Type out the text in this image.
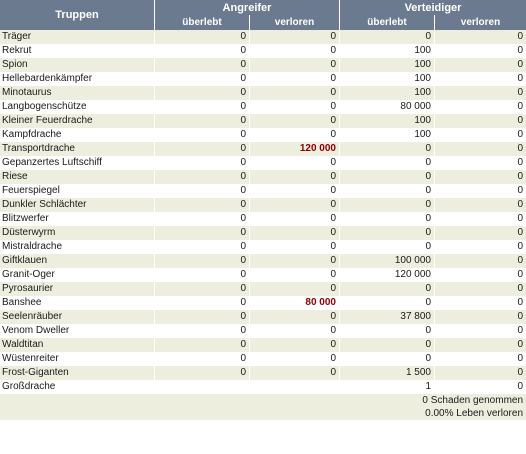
Truppen	Angreifer		Verteidiger	
	überlebt	verloren	überlebt	verloren
Träger	0	0	0	0
Rekrut	0	0	100	0
Spion	0	0	100	0
Hellebardenkämpfer	0	0	100	0
Minotaurus	0	0	100	0
Langbogenschütze	0	0	80 000	0
Kleiner Feuerdrache	0	0	100	0
Kampfdrache	0	0	100	0
Transportdrache	0	120 000	0	0
Gepanzertes Luftschiff	0	0	0	0
Riese	0	0	0	0
Feuerspiegel	0	0	0	0
Dunkler Schlächter	0	0	0	0
Blitzwerfer	0	0	0	0
Düsterwyrm	0	0	0	0
Mistraldrache	0	0	0	0
Giftklauen	0	0	100 000	0
Granit-Oger	0	0	120 000	0
Pyrosaurier	0	0	0	0
Banshee	0	80 000	0	0
Seelenräuber	0	0	37 800	0
Venom Dweller	0	0	0	0
Waldtitan	0	0	0	0
Wüstenreiter	0	0	0	0
Frost-Giganten	0	0	1 500	0
Großdrache			1	0
0 Schaden genommen				
0.00% Leben verloren				
